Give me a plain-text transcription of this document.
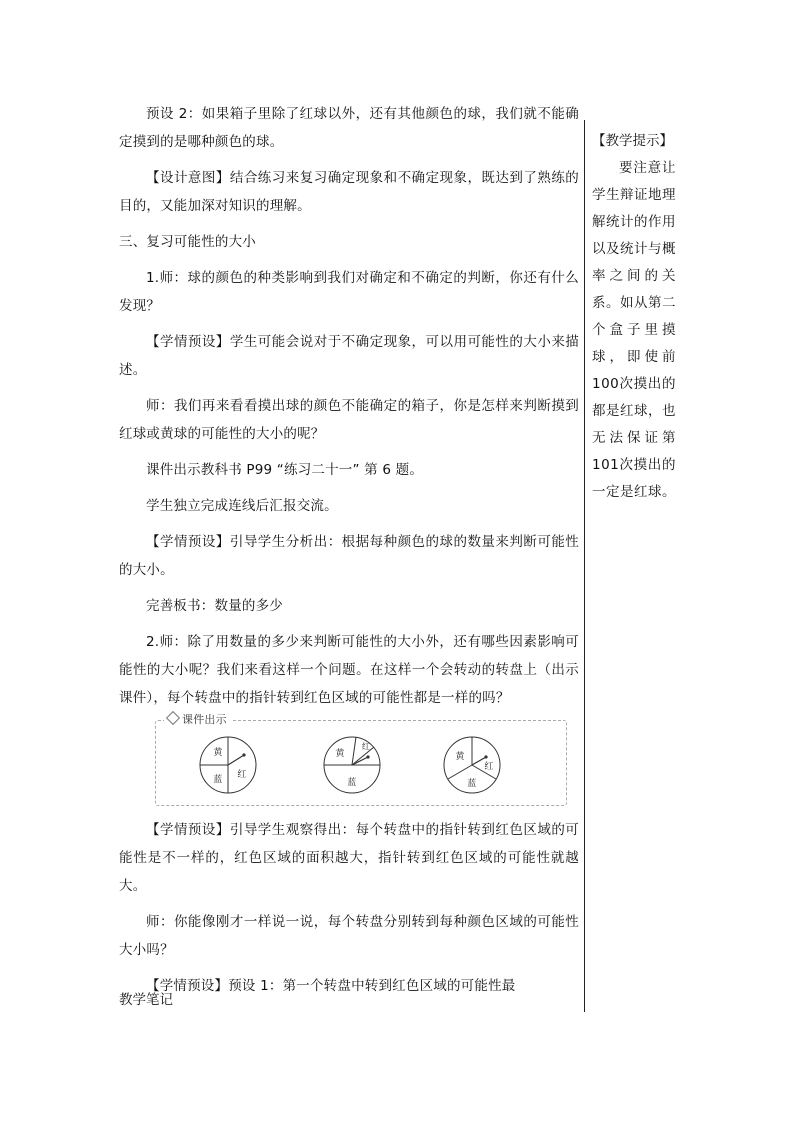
预设 2：如果箱子里除了红球以外，还有其他颜色的球，我们就不能确定摸到的是哪种颜色的球。

【设计意图】结合练习来复习确定现象和不确定现象，既达到了熟练的目的，又能加深对知识的理解。

三、复习可能性的大小

1.师：球的颜色的种类影响到我们对确定和不确定的判断，你还有什么发现？

【学情预设】学生可能会说对于不确定现象，可以用可能性的大小来描述。

师：我们再来看看摸出球的颜色不能确定的箱子，你是怎样来判断摸到红球或黄球的可能性的大小的呢？

课件出示教科书 P99 “练习二十一” 第 6 题。

学生独立完成连线后汇报交流。

【学情预设】引导学生分析出：根据每种颜色的球的数量来判断可能性的大小。

完善板书：数量的多少

2.师：除了用数量的多少来判断可能性的大小外，还有哪些因素影响可能性的大小呢？我们来看这样一个问题。在这样一个会转动的转盘上（出示课件），每个转盘中的指针转到红色区域的可能性都是一样的吗？

课件出示
黄
蓝 红
黄
红
蓝
黄
红
蓝

【学情预设】引导学生观察得出：每个转盘中的指针转到红色区域的可能性是不一样的，红色区域的面积越大，指针转到红色区域的可能性就越大。

师：你能像刚才一样说一说，每个转盘分别转到每种颜色区域的可能性大小吗？

【学情预设】预设 1：第一个转盘中转到红色区域的可能性最

【教学提示】
要注意让学生辩证地理解统计的作用以及统计与概率之间的关系。如从第二个盒子里摸球，即使前100次摸出的都是红球，也无法保证第101次摸出的一定是红球。
教学笔记
